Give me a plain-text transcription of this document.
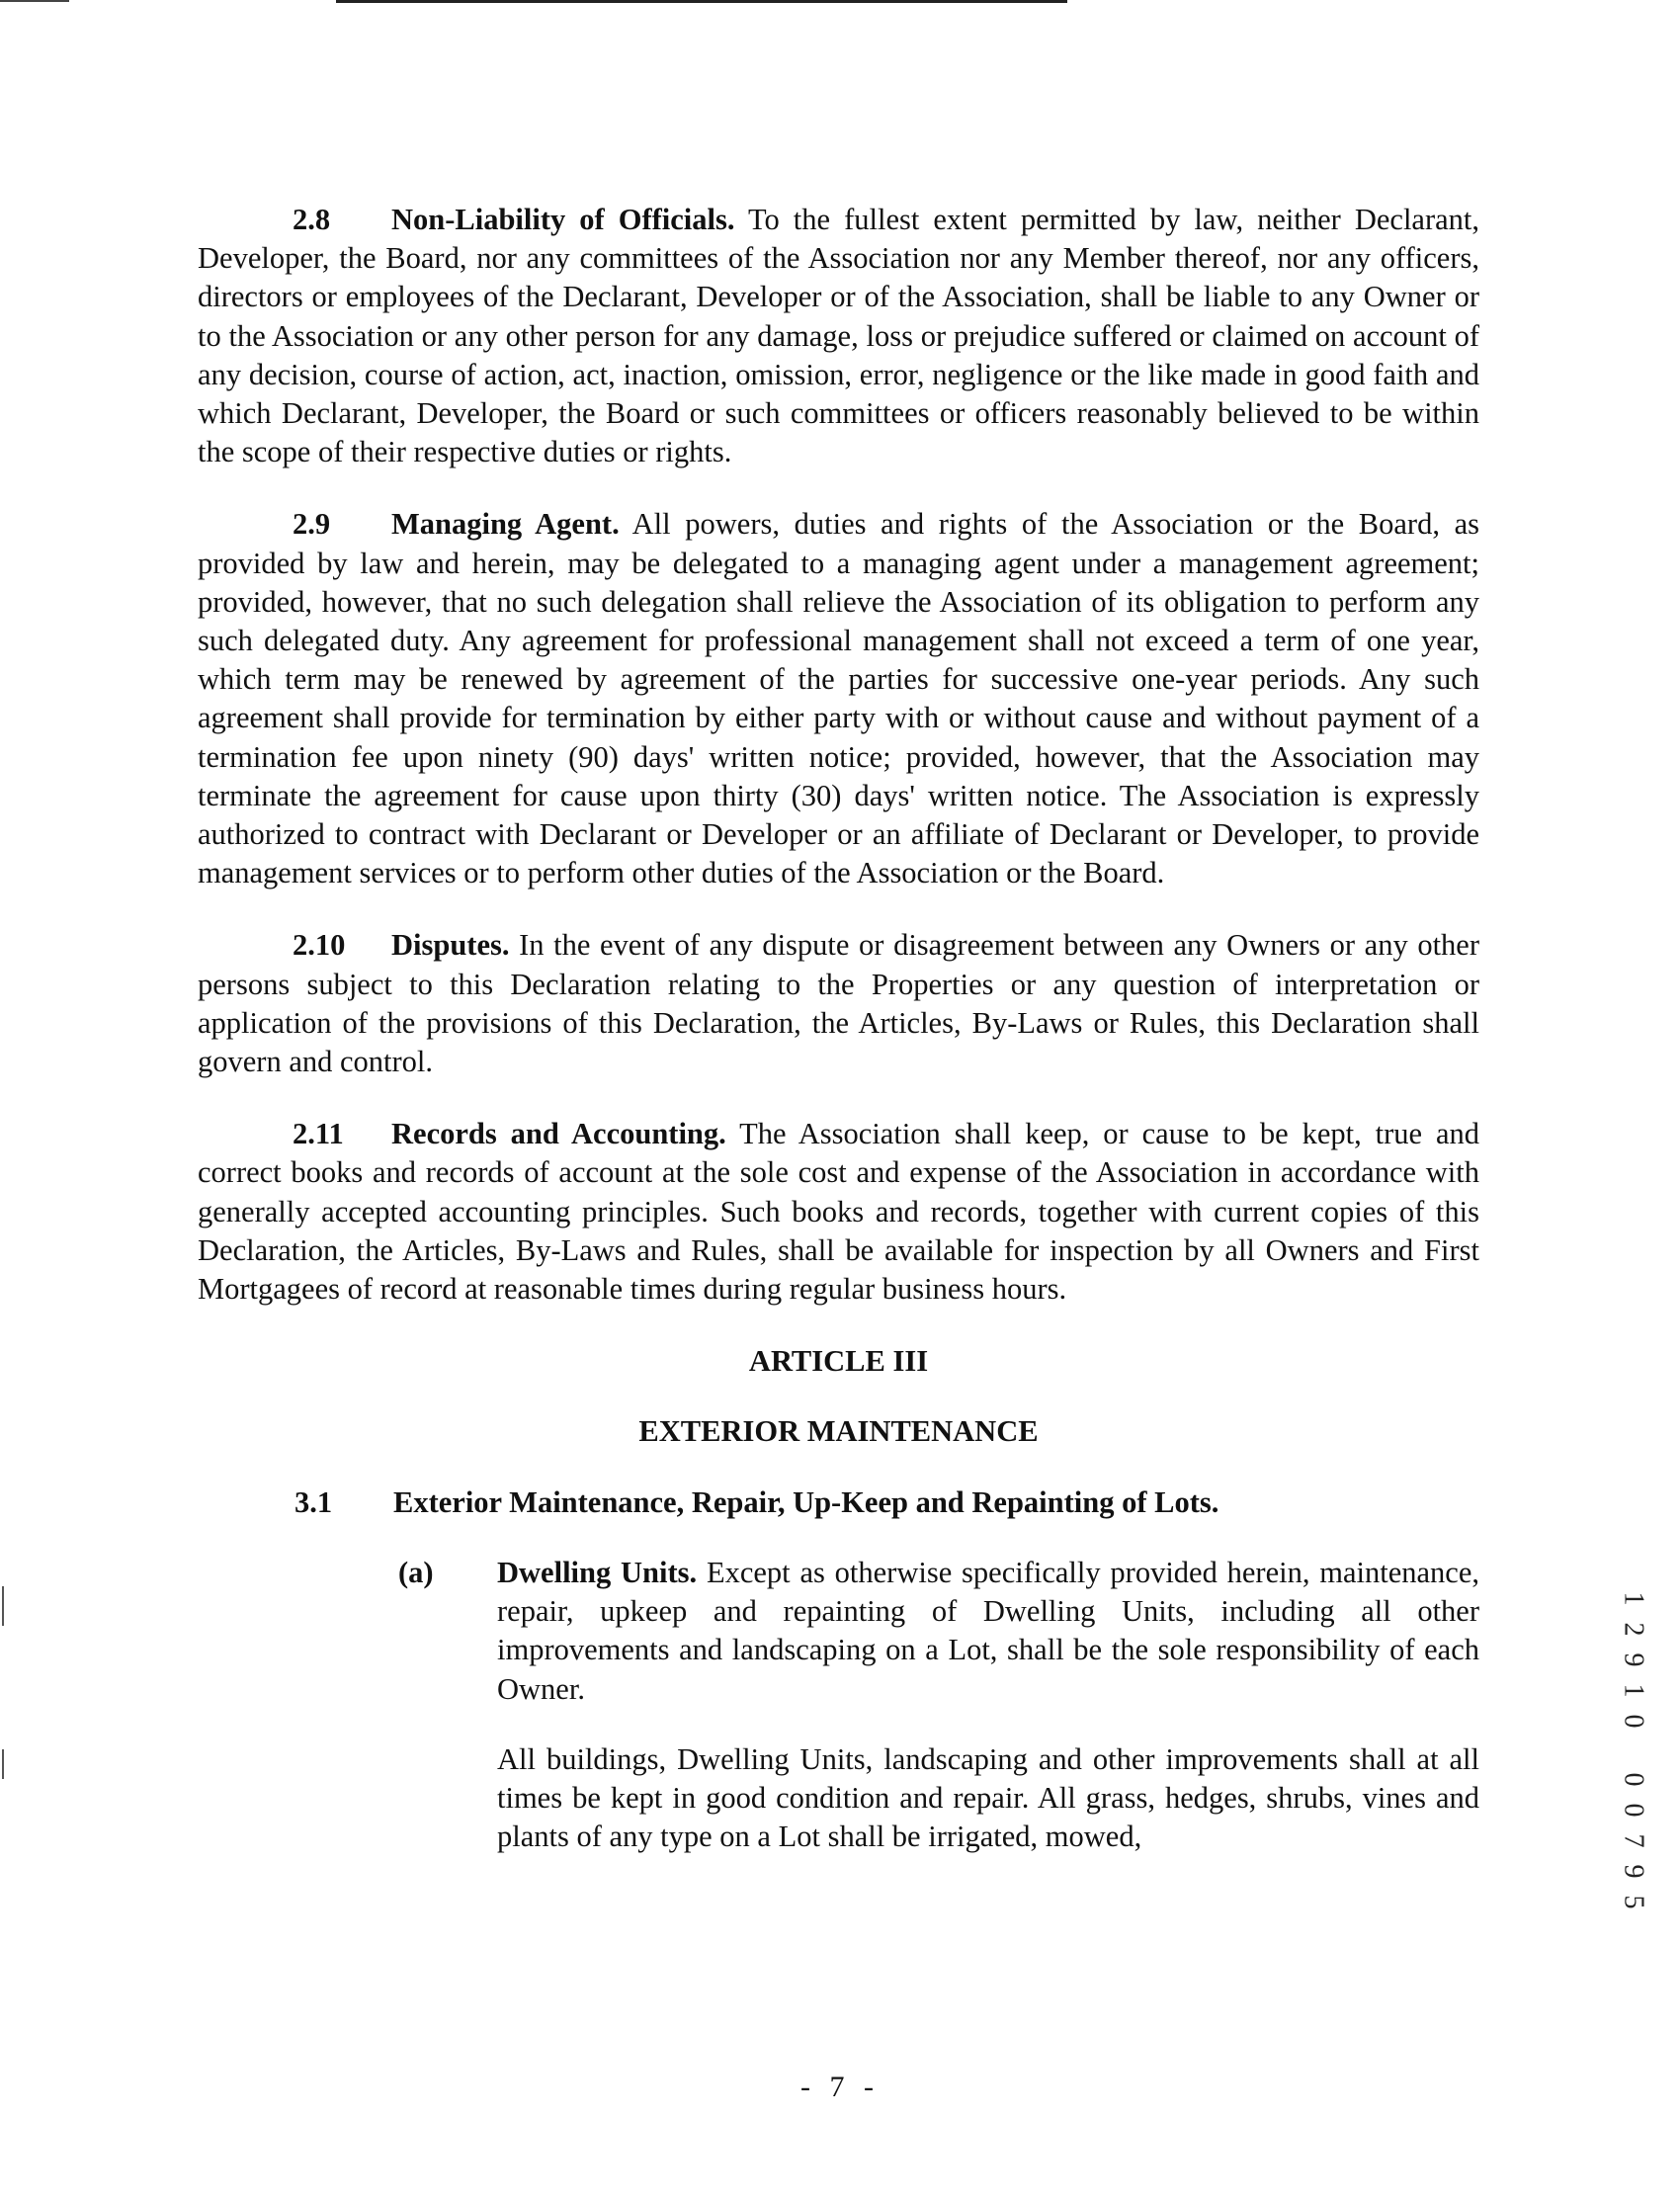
2.8 Non-Liability of Officials. To the fullest extent permitted by law, neither Declarant, Developer, the Board, nor any committees of the Association nor any Member thereof, nor any officers, directors or employees of the Declarant, Developer or of the Association, shall be liable to any Owner or to the Association or any other person for any damage, loss or prejudice suffered or claimed on account of any decision, course of action, act, inaction, omission, error, negligence or the like made in good faith and which Declarant, Developer, the Board or such committees or officers reasonably believed to be within the scope of their respective duties or rights.

2.9 Managing Agent. All powers, duties and rights of the Association or the Board, as provided by law and herein, may be delegated to a managing agent under a management agreement; provided, however, that no such delegation shall relieve the Association of its obligation to perform any such delegated duty. Any agreement for professional management shall not exceed a term of one year, which term may be renewed by agreement of the parties for successive one-year periods. Any such agreement shall provide for termination by either party with or without cause and without payment of a termination fee upon ninety (90) days' written notice; provided, however, that the Association may terminate the agreement for cause upon thirty (30) days' written notice. The Association is expressly authorized to contract with Declarant or Developer or an affiliate of Declarant or Developer, to provide management services or to perform other duties of the Association or the Board.

2.10 Disputes. In the event of any dispute or disagreement between any Owners or any other persons subject to this Declaration relating to the Properties or any question of interpretation or application of the provisions of this Declaration, the Articles, By-Laws or Rules, this Declaration shall govern and control.

2.11 Records and Accounting. The Association shall keep, or cause to be kept, true and correct books and records of account at the sole cost and expense of the Association in accordance with generally accepted accounting principles. Such books and records, together with current copies of this Declaration, the Articles, By-Laws and Rules, shall be available for inspection by all Owners and First Mortgagees of record at reasonable times during regular business hours.

ARTICLE III

EXTERIOR MAINTENANCE

3.1 Exterior Maintenance, Repair, Up-Keep and Repainting of Lots.

(a) Dwelling Units. Except as otherwise specifically provided herein, maintenance, repair, upkeep and repainting of Dwelling Units, including all other improvements and landscaping on a Lot, shall be the sole responsibility of each Owner.

All buildings, Dwelling Units, landscaping and other improvements shall at all times be kept in good condition and repair. All grass, hedges, shrubs, vines and plants of any type on a Lot shall be irrigated, mowed,

1
2
9
1
0
0
0
7
9
5
- 7 -
